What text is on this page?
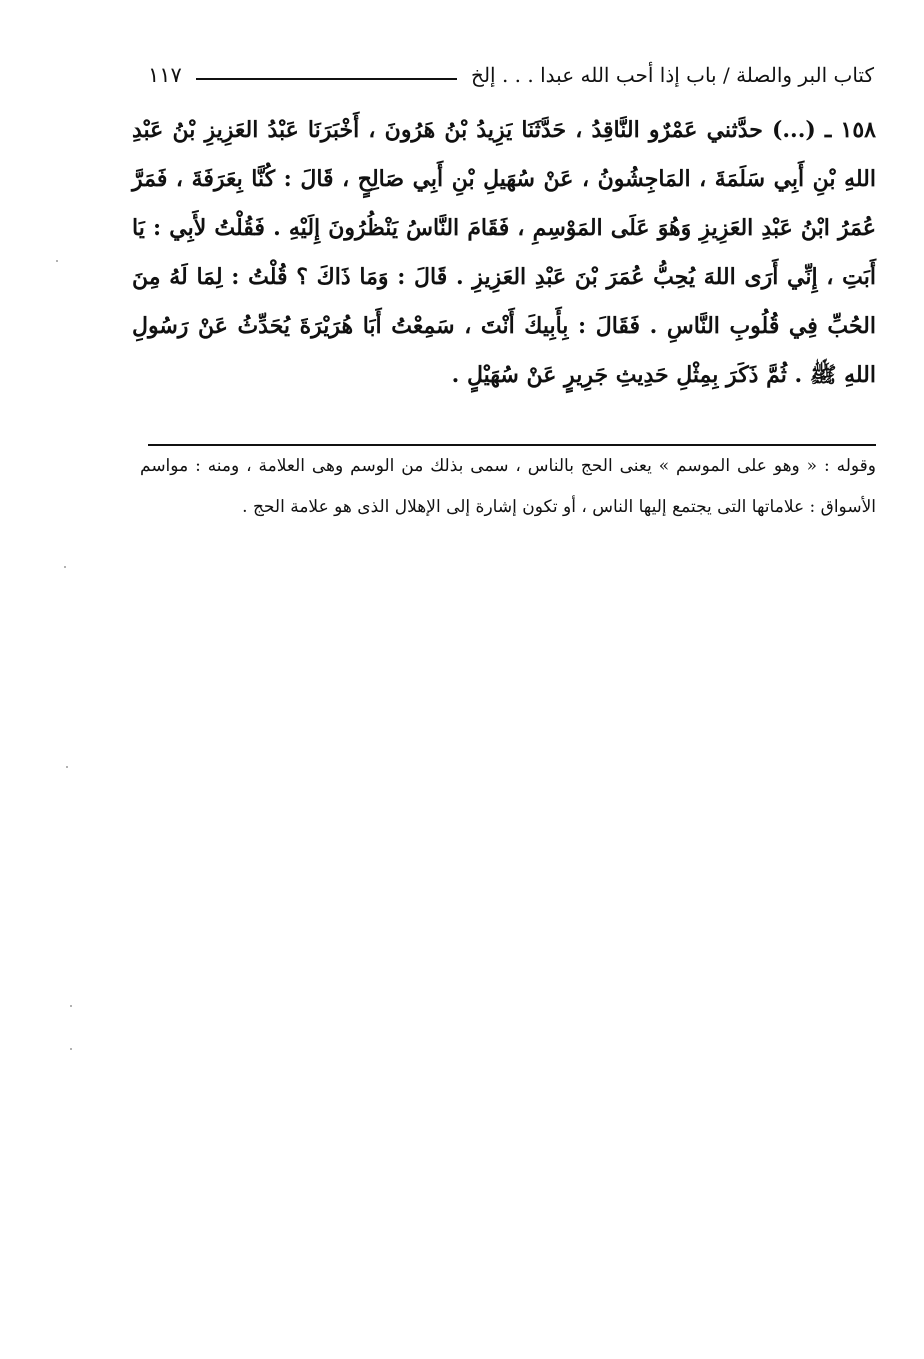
كتاب البر والصلة / باب إذا أحب الله عبدا . . . إلخ
١١٧
١٥٨ ـ (...) حدَّثني عَمْرٌو النَّاقِدُ ، حَدَّثَنَا يَزِيدُ بْنُ هَرُونَ ، أَخْبَرَنَا عَبْدُ العَزِيزِ بْنُ عَبْدِ اللهِ بْنِ أَبِي سَلَمَةَ ، المَاجِشُونُ ، عَنْ سُهَيلِ بْنِ أَبِي صَالِحٍ ، قَالَ : كُنَّا بِعَرَفَةَ ، فَمَرَّ عُمَرُ ابْنُ عَبْدِ العَزِيزِ وَهُوَ عَلَى المَوْسِمِ ، فَقَامَ النَّاسُ يَنْظُرُونَ إِلَيْهِ . فَقُلْتُ لأَبِي : يَا أَبَتِ ، إِنِّي أَرَى اللهَ يُحِبُّ عُمَرَ بْنَ عَبْدِ العَزِيزِ . قَالَ : وَمَا ذَاكَ ؟ قُلْتُ : لِمَا لَهُ مِنَ الحُبِّ فِي قُلُوبِ النَّاسِ . فَقَالَ : بِأَبِيكَ أَنْتَ ، سَمِعْتُ أَبَا هُرَيْرَةَ يُحَدِّثُ عَنْ رَسُولِ اللهِ ﷺ . ثُمَّ ذَكَرَ بِمِثْلِ حَدِيثِ جَرِيرٍ عَنْ سُهَيْلٍ .

وقوله : « وهو على الموسم » يعنى الحج بالناس ، سمى بذلك من الوسم وهى العلامة ، ومنه : مواسم الأسواق : علاماتها التى يجتمع إليها الناس ، أو تكون إشارة إلى الإهلال الذى هو علامة الحج .
